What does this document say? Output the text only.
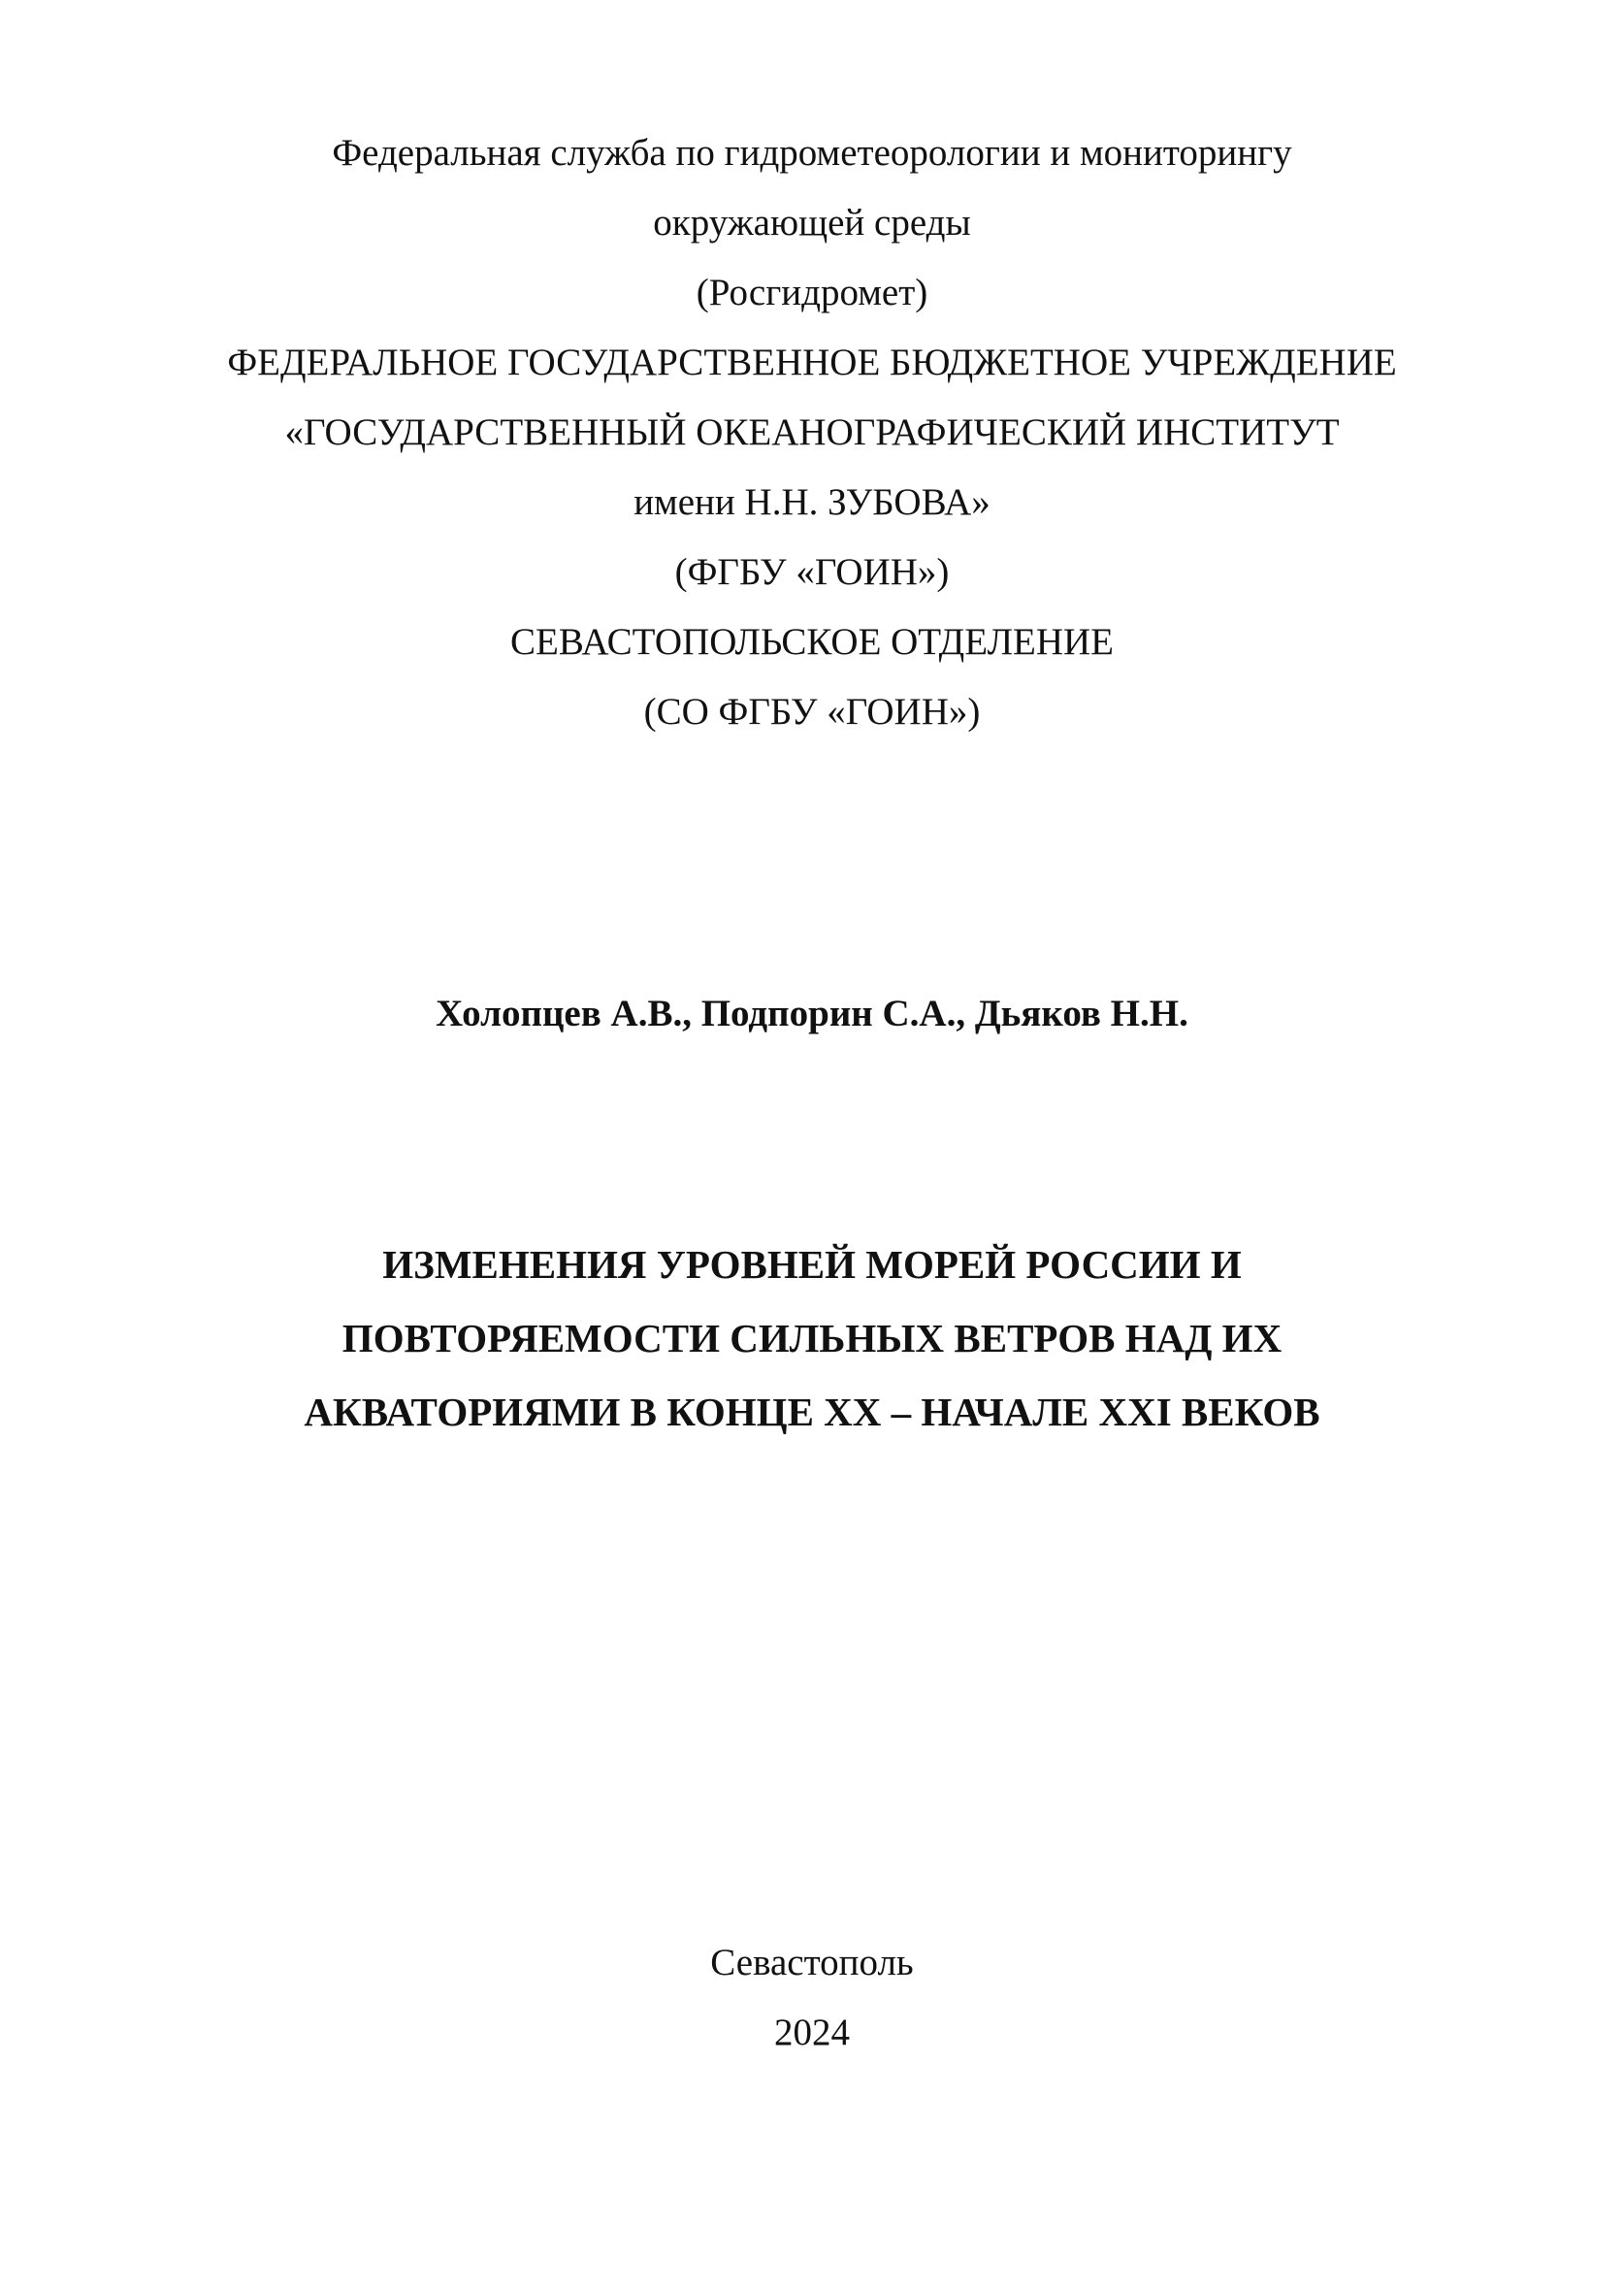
Федеральная служба по гидрометеорологии и мониторингу
окружающей среды
(Росгидромет)
ФЕДЕРАЛЬНОЕ ГОСУДАРСТВЕННОЕ БЮДЖЕТНОЕ УЧРЕЖДЕНИЕ
«ГОСУДАРСТВЕННЫЙ ОКЕАНОГРАФИЧЕСКИЙ ИНСТИТУТ
имени Н.Н. ЗУБОВА»
(ФГБУ «ГОИН»)
СЕВАСТОПОЛЬСКОЕ ОТДЕЛЕНИЕ
(СО ФГБУ «ГОИН»)
Холопцев А.В., Подпорин С.А., Дьяков Н.Н.
ИЗМЕНЕНИЯ УРОВНЕЙ МОРЕЙ РОССИИ И
ПОВТОРЯЕМОСТИ СИЛЬНЫХ ВЕТРОВ НАД ИХ
АКВАТОРИЯМИ В КОНЦЕ XX – НАЧАЛЕ XXI ВЕКОВ
Севастополь
2024
